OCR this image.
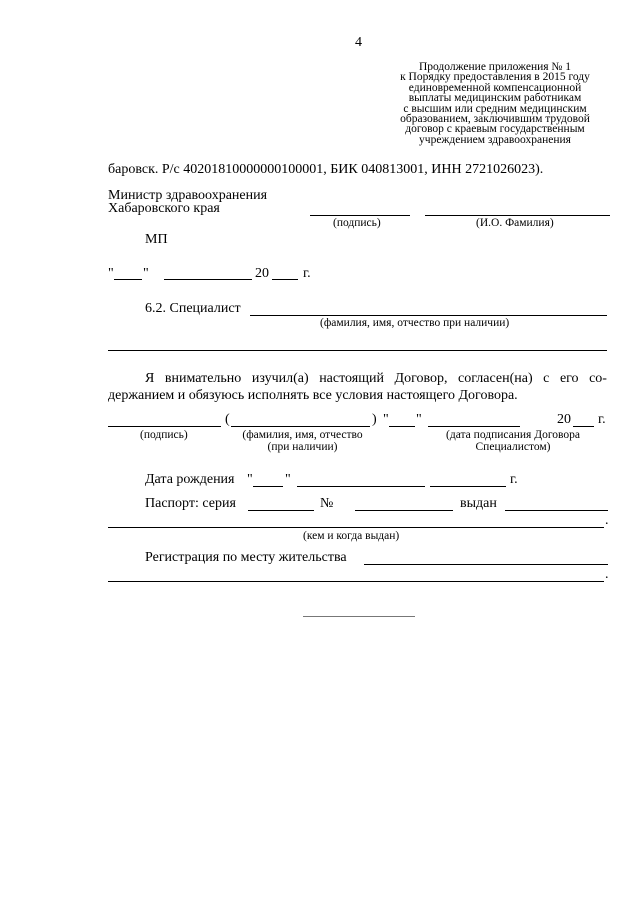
4
Продолжение приложения № 1
к Порядку предоставления в 2015 году
единовременной компенсационной
выплаты медицинским работникам
с высшим или средним медицинским
образованием, заключившим трудовой
договор с краевым государственным
учреждением здравоохранения
баровск. Р/с 40201810000000100001, БИК 040813001, ИНН 2721026023).
Министр здравоохранения
Хабаровского края
(подпись)	(И.О. Фамилия)
МП
" "	20 г.
6.2. Специалист
(фамилия, имя, отчество при наличии)
Я внимательно изучил(а) настоящий Договор, согласен(на) с его со-
держанием и обязуюсь исполнять все условия настоящего Договора.
(	) " "	20 г.
(подпись)	(фамилия, имя, отчество
(при наличии)
(дата подписания Договора
Специалистом)
Дата рождения " "	г.
Паспорт: серия	№	выдан
.
(кем и когда выдан)
Регистрация по месту жительства
.
